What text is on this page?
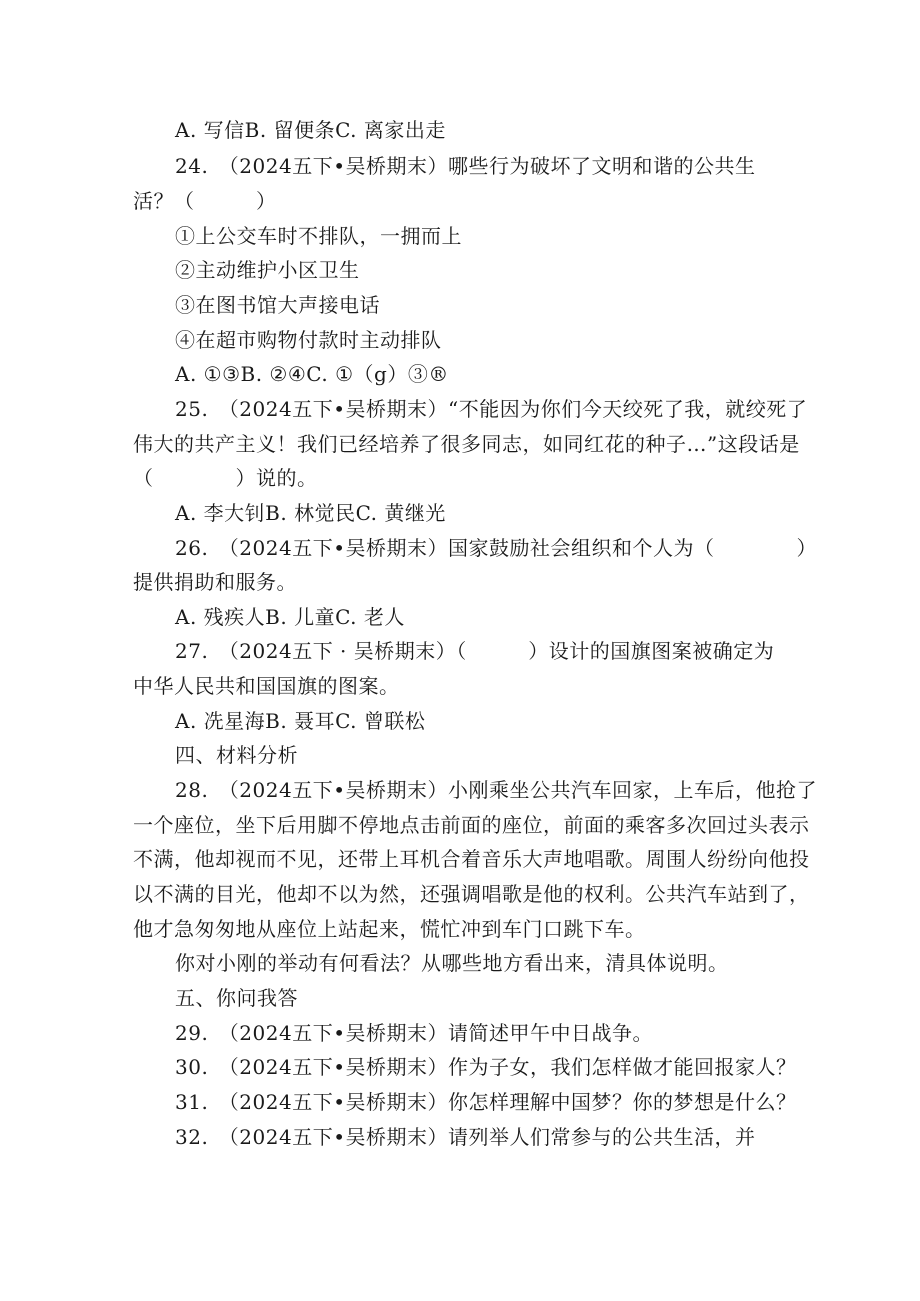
A. 写信B. 留便条C. 离家出走
24.　（2024五下•吴桥期末）哪些行为破坏了文明和谐的公共生
活？（　　　）
①上公交车时不排队，一拥而上
②主动维护小区卫生
③在图书馆大声接电话
④在超市购物付款时主动排队
A. ①③B. ②④C. ①（g）③®
25.　（2024五下•吴桥期末）“不能因为你们今天绞死了我，就绞死了
伟大的共产主义！我们已经培养了很多同志，如同红花的种子…”这段话是
（　　　　）说的。
A. 李大钊B. 林觉民C. 黄继光
26.　（2024五下•吴桥期末）国家鼓励社会组织和个人为（　　　　）
提供捐助和服务。
A. 残疾人B. 儿童C. 老人
27.　（2024五下 · 吴桥期末）（　　　）设计的国旗图案被确定为
中华人民共和国国旗的图案。
A. 冼星海B. 聂耳C. 曾联松
四、材料分析
28.　（2024五下•吴桥期末）小刚乘坐公共汽车回家，上车后，他抢了
一个座位，坐下后用脚不停地点击前面的座位，前面的乘客多次回过头表示
不满，他却视而不见，还带上耳机合着音乐大声地唱歌。周围人纷纷向他投
以不满的目光，他却不以为然，还强调唱歌是他的权利。公共汽车站到了，
他才急匆匆地从座位上站起来，慌忙冲到车门口跳下车。
你对小刚的举动有何看法？从哪些地方看出来，清具体说明。
五、你问我答
29.　（2024五下•吴桥期末）请简述甲午中日战争。
30.　（2024五下•吴桥期末）作为子女，我们怎样做才能回报家人？
31.　（2024五下•吴桥期末）你怎样理解中国梦？你的梦想是什么？
32.　（2024五下•吴桥期末）请列举人们常参与的公共生活，并
